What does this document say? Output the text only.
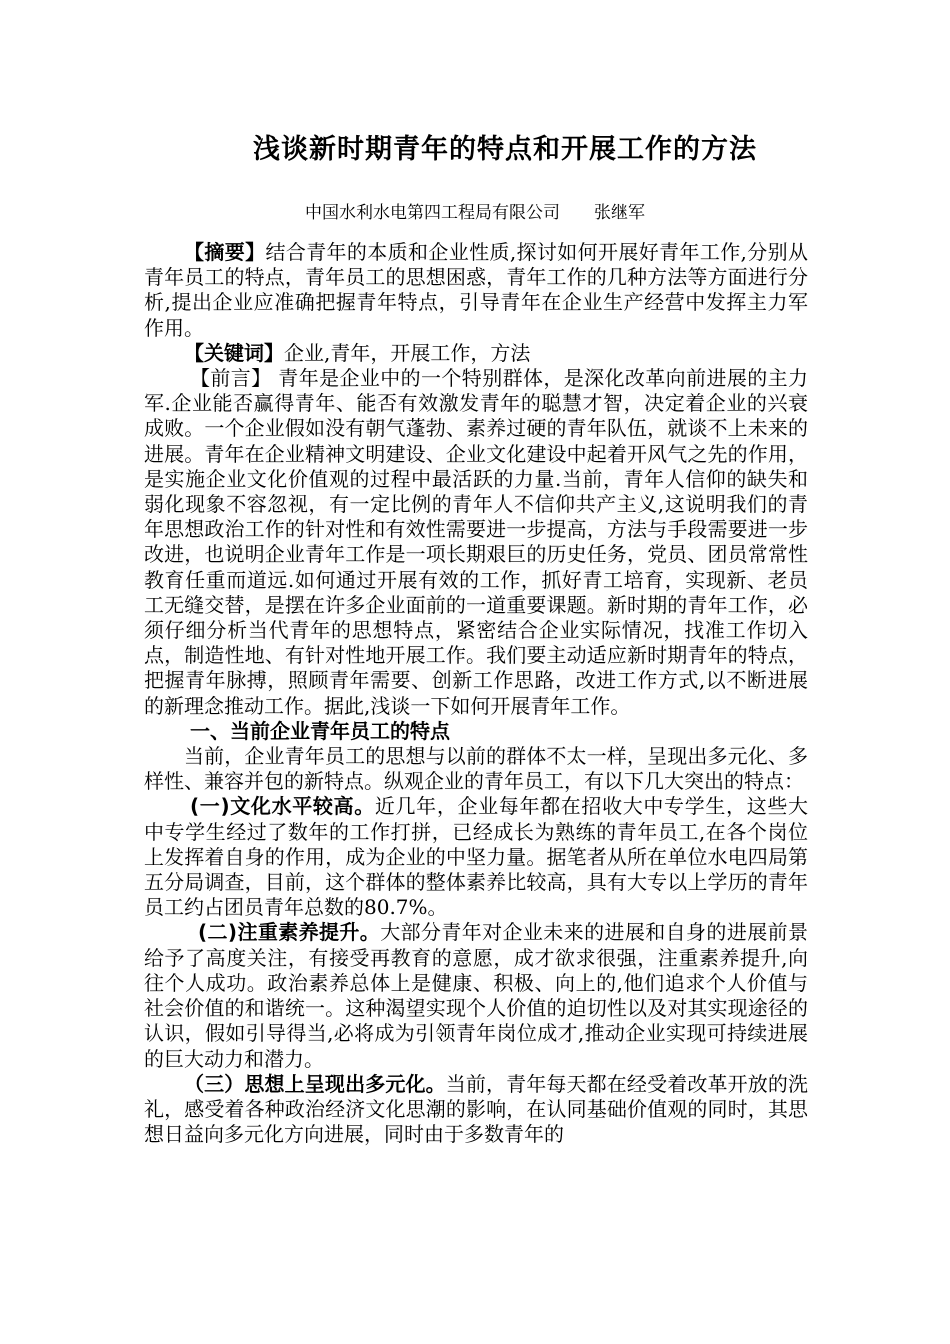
浅谈新时期青年的特点和开展工作的方法
中国水利水电第四工程局有限公司 张继军

【摘要】结合青年的本质和企业性质,探讨如何开展好青年工作,分别从青年员工的特点，青年员工的思想困惑，青年工作的几种方法等方面进行分析,提出企业应准确把握青年特点，引导青年在企业生产经营中发挥主力军作用。

【关键词】企业,青年，开展工作，方法

【前言】 青年是企业中的一个特别群体，是深化改革向前进展的主力军.企业能否赢得青年、能否有效激发青年的聪慧才智，决定着企业的兴衰成败。一个企业假如没有朝气蓬勃、素养过硬的青年队伍，就谈不上未来的进展。青年在企业精神文明建设、企业文化建设中起着开风气之先的作用，是实施企业文化价值观的过程中最活跃的力量.当前，青年人信仰的缺失和弱化现象不容忽视，有一定比例的青年人不信仰共产主义,这说明我们的青年思想政治工作的针对性和有效性需要进一步提高，方法与手段需要进一步改进，也说明企业青年工作是一项长期艰巨的历史任务，党员、团员常常性教育任重而道远.如何通过开展有效的工作，抓好青工培育，实现新、老员工无缝交替，是摆在许多企业面前的一道重要课题。新时期的青年工作，必须仔细分析当代青年的思想特点，紧密结合企业实际情况，找准工作切入点，制造性地、有针对性地开展工作。我们要主动适应新时期青年的特点，把握青年脉搏，照顾青年需要、创新工作思路，改进工作方式,以不断进展的新理念推动工作。据此,浅谈一下如何开展青年工作。

一、当前企业青年员工的特点

当前，企业青年员工的思想与以前的群体不太一样，呈现出多元化、多样性、兼容并包的新特点。纵观企业的青年员工，有以下几大突出的特点：

(一)文化水平较高。近几年，企业每年都在招收大中专学生，这些大中专学生经过了数年的工作打拼，已经成长为熟练的青年员工,在各个岗位上发挥着自身的作用，成为企业的中坚力量。据笔者从所在单位水电四局第五分局调查，目前，这个群体的整体素养比较高，具有大专以上学历的青年员工约占团员青年总数的80.7%。

(二)注重素养提升。大部分青年对企业未来的进展和自身的进展前景给予了高度关注，有接受再教育的意愿，成才欲求很强，注重素养提升,向往个人成功。政治素养总体上是健康、积极、向上的,他们追求个人价值与社会价值的和谐统一。这种渴望实现个人价值的迫切性以及对其实现途径的认识，假如引导得当,必将成为引领青年岗位成才,推动企业实现可持续进展的巨大动力和潜力。

（三）思想上呈现出多元化。当前，青年每天都在经受着改革开放的洗礼，感受着各种政治经济文化思潮的影响，在认同基础价值观的同时，其思想日益向多元化方向进展，同时由于多数青年的
